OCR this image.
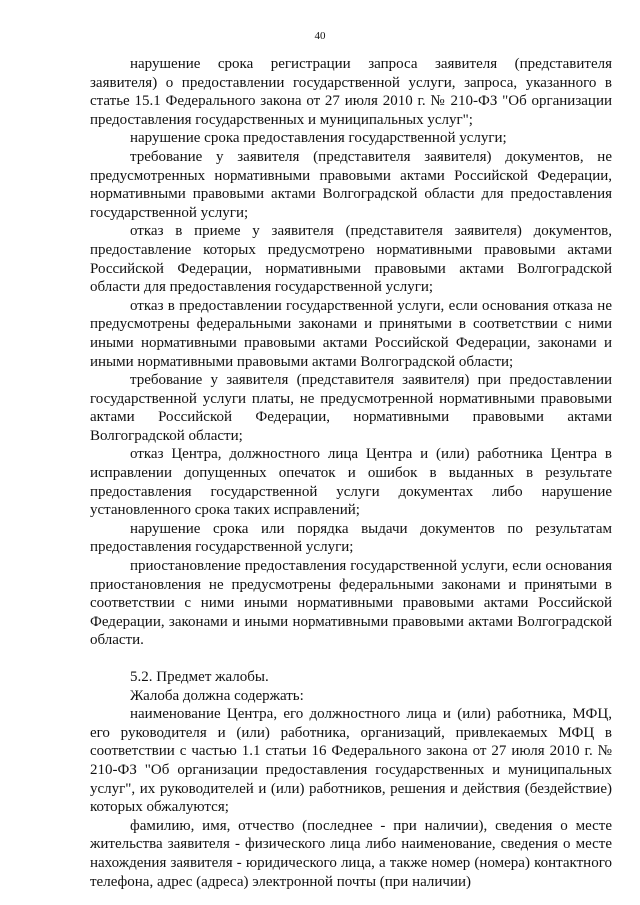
40

нарушение срока регистрации запроса заявителя (представителя заявителя) о предоставлении государственной услуги, запроса, указанного в статье 15.1 Федерального закона от 27 июля 2010 г. № 210-ФЗ "Об организации предоставления государственных и муниципальных услуг";

нарушение срока предоставления государственной услуги;

требование у заявителя (представителя заявителя) документов, не предусмотренных нормативными правовыми актами Российской Федерации, нормативными правовыми актами Волгоградской области для предоставления государственной услуги;

отказ в приеме у заявителя (представителя заявителя) документов, предоставление которых предусмотрено нормативными правовыми актами Российской Федерации, нормативными правовыми актами Волгоградской области для предоставления государственной услуги;

отказ в предоставлении государственной услуги, если основания отказа не предусмотрены федеральными законами и принятыми в соответствии с ними иными нормативными правовыми актами Российской Федерации, законами и иными нормативными правовыми актами Волгоградской области;

требование у заявителя (представителя заявителя) при предоставлении государственной услуги платы, не предусмотренной нормативными правовыми актами Российской Федерации, нормативными правовыми актами Волгоградской области;

отказ Центра, должностного лица Центра и (или) работника Центра в исправлении допущенных опечаток и ошибок в выданных в результате предоставления государственной услуги документах либо нарушение установленного срока таких исправлений;

нарушение срока или порядка выдачи документов по результатам предоставления государственной услуги;

приостановление предоставления государственной услуги, если основания приостановления не предусмотрены федеральными законами и принятыми в соответствии с ними иными нормативными правовыми актами Российской Федерации, законами и иными нормативными правовыми актами Волгоградской области.

5.2. Предмет жалобы.

Жалоба должна содержать:

наименование Центра, его должностного лица и (или) работника, МФЦ, его руководителя и (или) работника, организаций, привлекаемых МФЦ в соответствии с частью 1.1 статьи 16 Федерального закона от 27 июля 2010 г. № 210-ФЗ "Об организации предоставления государственных и муниципальных услуг", их руководителей и (или) работников, решения и действия (бездействие) которых обжалуются;

фамилию, имя, отчество (последнее - при наличии), сведения о месте жительства заявителя - физического лица либо наименование, сведения о месте нахождения заявителя - юридического лица, а также номер (номера) контактного телефона, адрес (адреса) электронной почты (при наличии)
